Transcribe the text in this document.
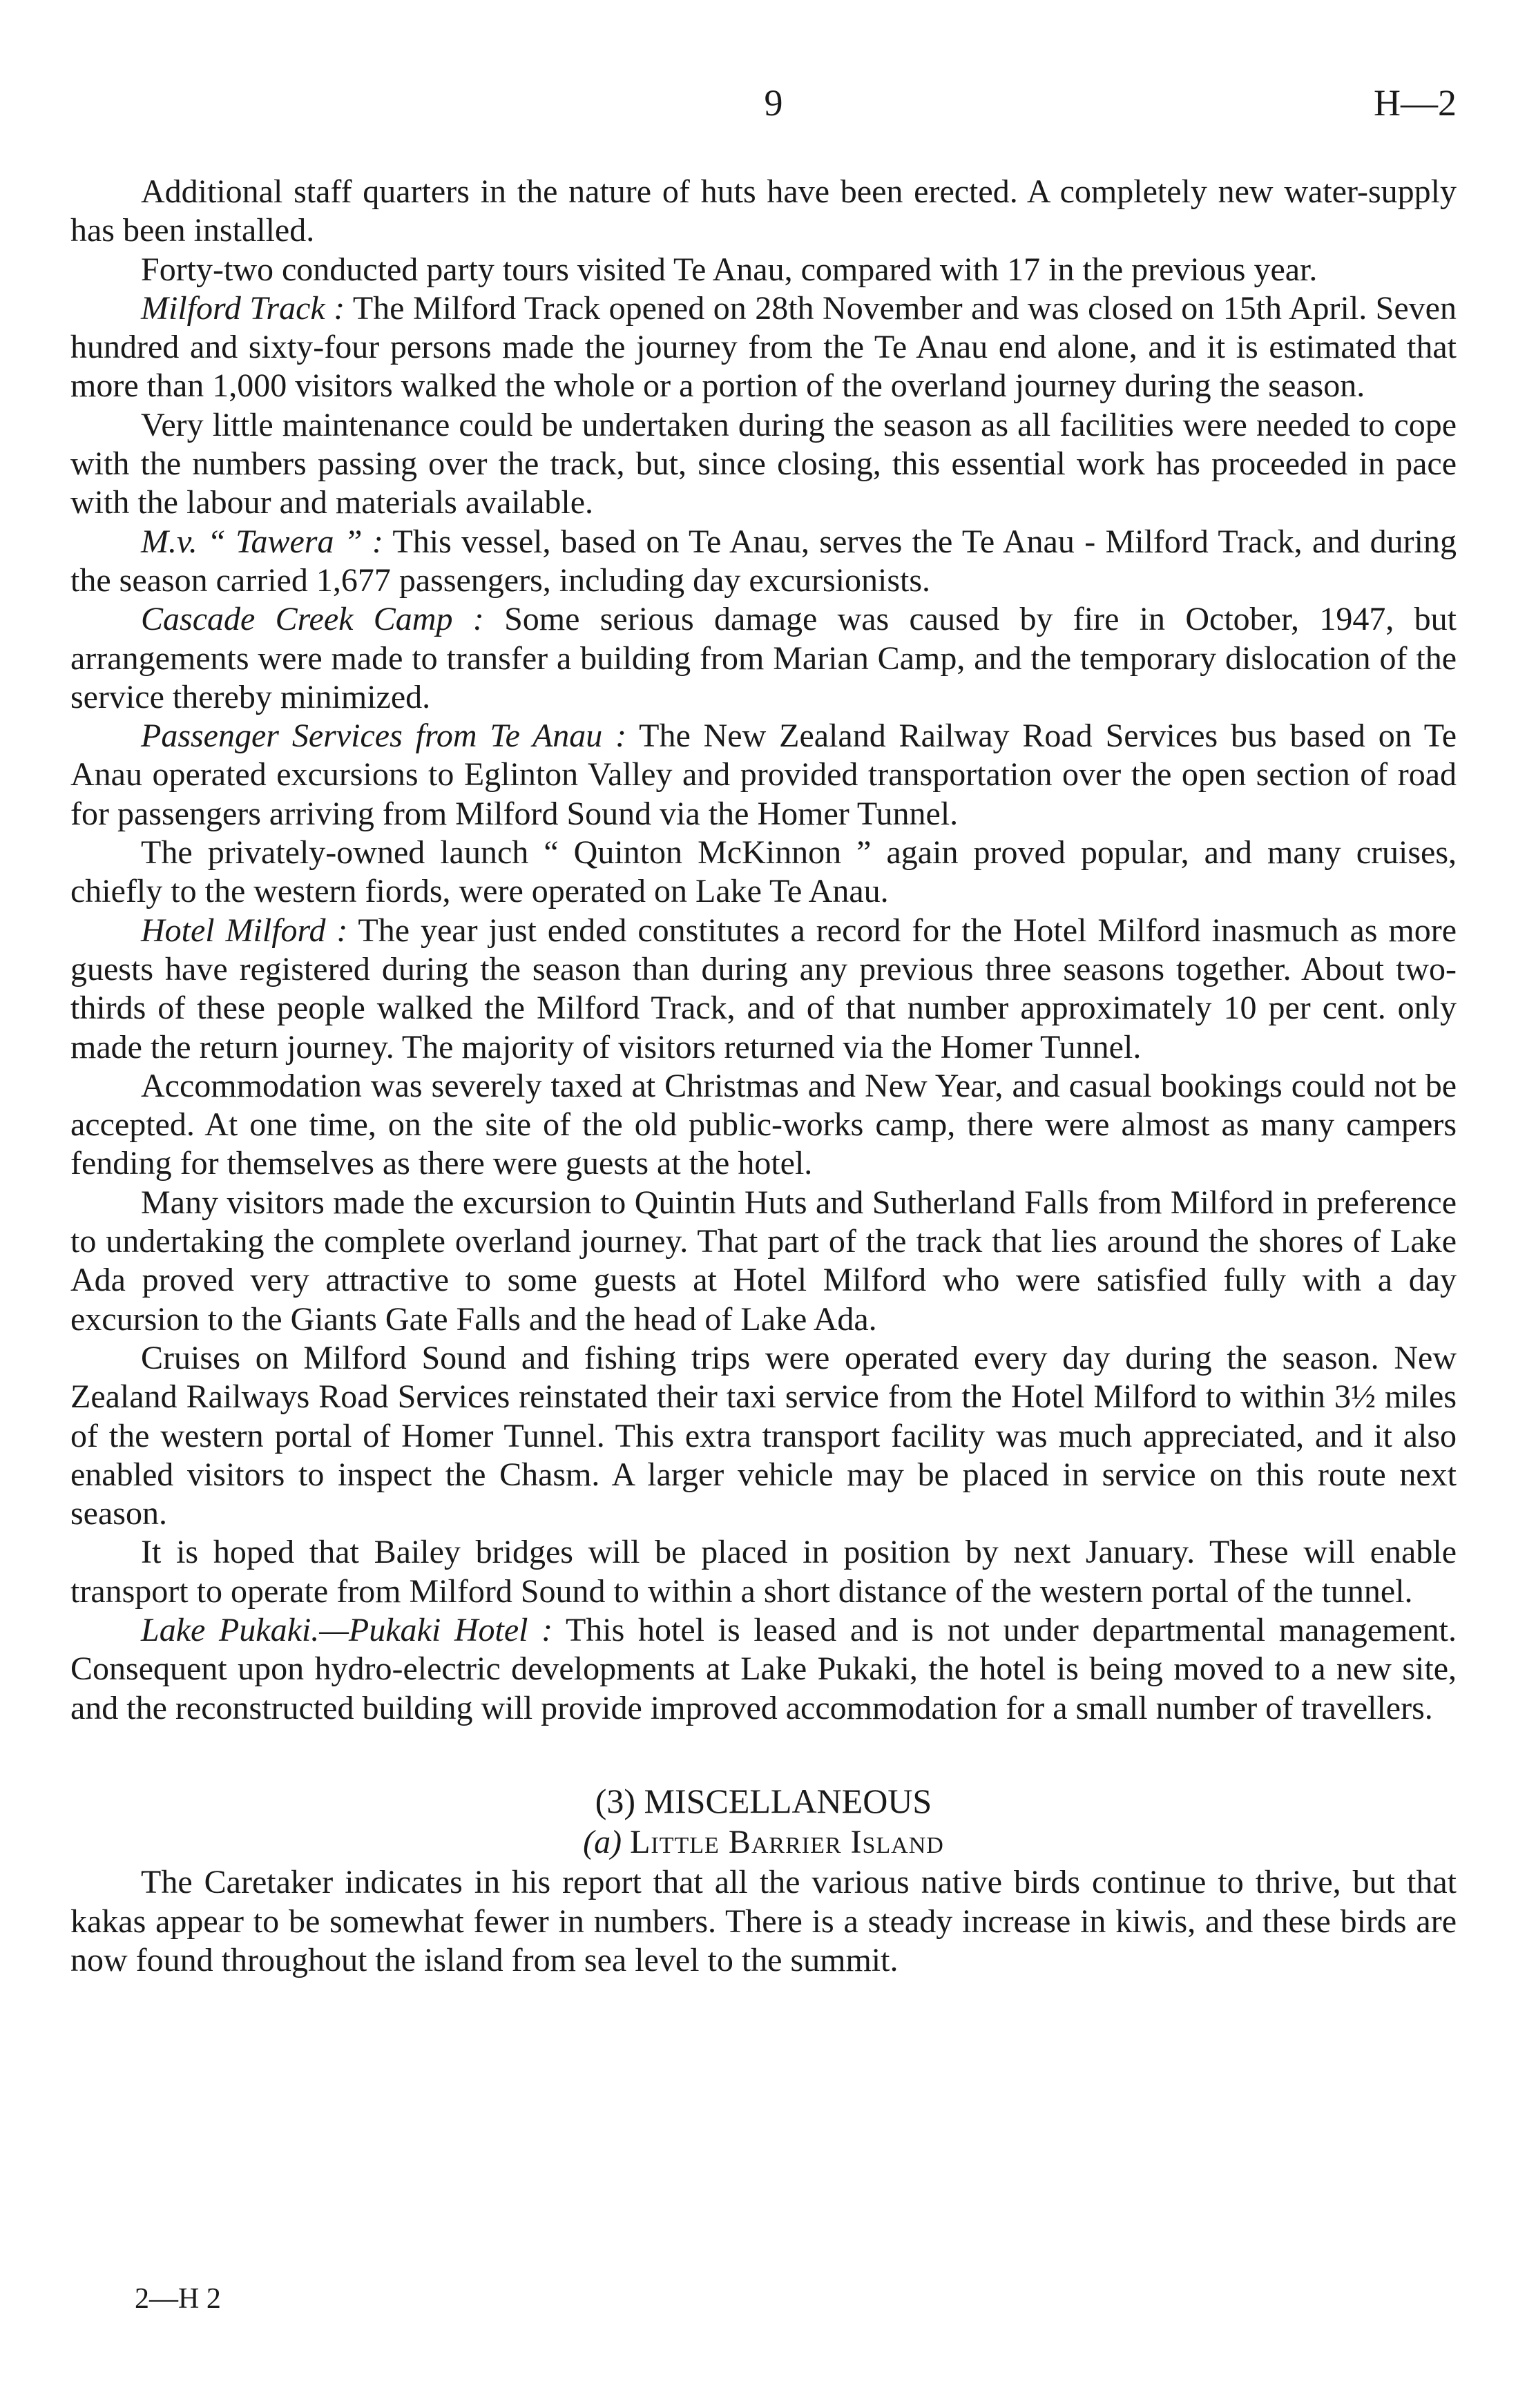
9	H—2

Additional staff quarters in the nature of huts have been erected. A completely new water-supply has been installed.

Forty-two conducted party tours visited Te Anau, compared with 17 in the previous year.

Milford Track : The Milford Track opened on 28th November and was closed on 15th April. Seven hundred and sixty-four persons made the journey from the Te Anau end alone, and it is estimated that more than 1,000 visitors walked the whole or a portion of the overland journey during the season.

Very little maintenance could be undertaken during the season as all facilities were needed to cope with the numbers passing over the track, but, since closing, this essential work has proceeded in pace with the labour and materials available.

M.v. “ Tawera ” : This vessel, based on Te Anau, serves the Te Anau - Milford Track, and during the season carried 1,677 passengers, including day excursionists.

Cascade Creek Camp : Some serious damage was caused by fire in October, 1947, but arrangements were made to transfer a building from Marian Camp, and the temporary dislocation of the service thereby minimized.

Passenger Services from Te Anau : The New Zealand Railway Road Services bus based on Te Anau operated excursions to Eglinton Valley and provided transportation over the open section of road for passengers arriving from Milford Sound via the Homer Tunnel.

The privately-owned launch “ Quinton McKinnon ” again proved popular, and many cruises, chiefly to the western fiords, were operated on Lake Te Anau.

Hotel Milford : The year just ended constitutes a record for the Hotel Milford inasmuch as more guests have registered during the season than during any previous three seasons together. About two-thirds of these people walked the Milford Track, and of that number approximately 10 per cent. only made the return journey. The majority of visitors returned via the Homer Tunnel.

Accommodation was severely taxed at Christmas and New Year, and casual bookings could not be accepted. At one time, on the site of the old public-works camp, there were almost as many campers fending for themselves as there were guests at the hotel.

Many visitors made the excursion to Quintin Huts and Sutherland Falls from Milford in preference to undertaking the complete overland journey. That part of the track that lies around the shores of Lake Ada proved very attractive to some guests at Hotel Milford who were satisfied fully with a day excursion to the Giants Gate Falls and the head of Lake Ada.

Cruises on Milford Sound and fishing trips were operated every day during the season. New Zealand Railways Road Services reinstated their taxi service from the Hotel Milford to within 3½ miles of the western portal of Homer Tunnel. This extra transport facility was much appreciated, and it also enabled visitors to inspect the Chasm. A larger vehicle may be placed in service on this route next season.

It is hoped that Bailey bridges will be placed in position by next January. These will enable transport to operate from Milford Sound to within a short distance of the western portal of the tunnel.

Lake Pukaki.—Pukaki Hotel : This hotel is leased and is not under departmental management. Consequent upon hydro-electric developments at Lake Pukaki, the hotel is being moved to a new site, and the reconstructed building will provide improved accommodation for a small number of travellers.

(3) MISCELLANEOUS
(a) Little Barrier Island

The Caretaker indicates in his report that all the various native birds continue to thrive, but that kakas appear to be somewhat fewer in numbers. There is a steady increase in kiwis, and these birds are now found throughout the island from sea level to the summit.

2—H 2
